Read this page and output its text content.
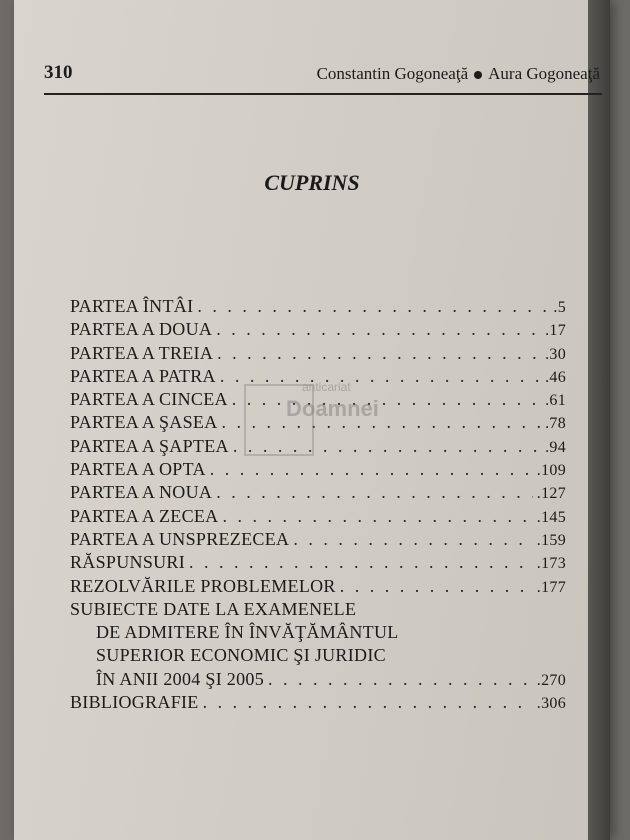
310	Constantin Gogoneaţă Aura Gogoneaţă
CUPRINS
PARTEA ÎNTÂI . . .	.5
PARTEA A DOUA . . .	.17
PARTEA A TREIA . . .	.30
PARTEA A PATRA . . .	.46
PARTEA A CINCEA . . .	.61
PARTEA A ŞASEA . . .	.78
PARTEA A ŞAPTEA . . .	.94
PARTEA A OPTA . . .	.109
PARTEA A NOUA . . .	.127
PARTEA A ZECEA . . .	.145
PARTEA A UNSPREZECEA . . .	.159
RĂSPUNSURI . . .	.173
REZOLVĂRILE PROBLEMELOR . . .	.177
SUBIECTE DATE LA EXAMENELE
DE ADMITERE ÎN ÎNVĂŢĂMÂNTUL
SUPERIOR ECONOMIC ŞI JURIDIC
ÎN ANII 2004 ŞI 2005 . . .	.270
BIBLIOGRAFIE . . .	.306
anticariat
Doamnei
